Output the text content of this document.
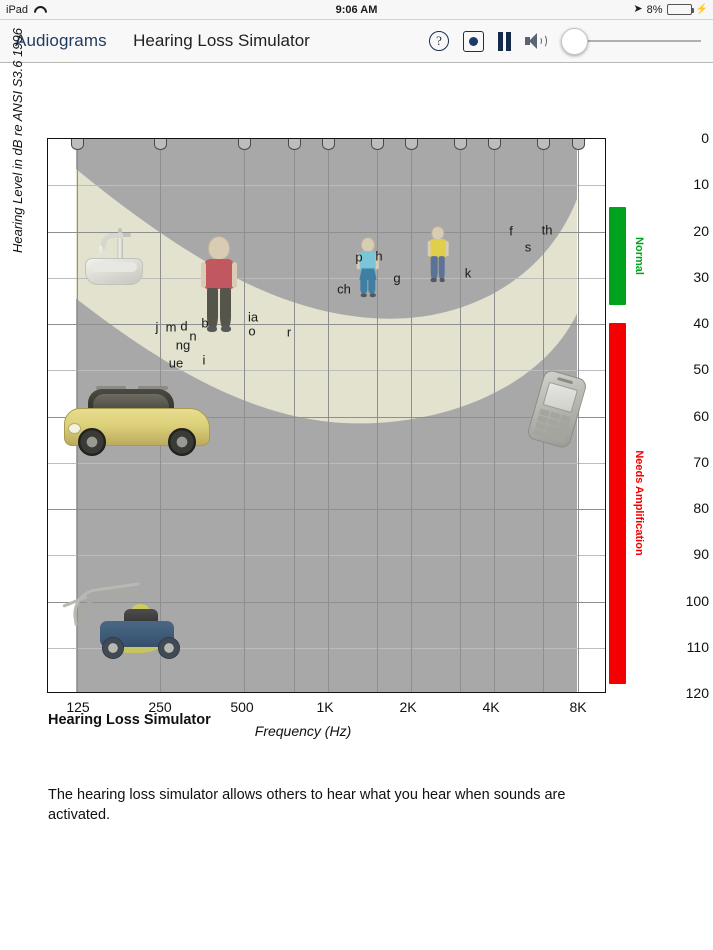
iPad	9:06 AM	➤ 8%	⚡
Audiograms	Hearing Loss Simulator	?
Hearing Level in dB re ANSI S3.6 1996	0
10
20
30
40
50
60
70
80
90
100
110
120
j m d
n
ng
ue
b
i
ia
o r
ch
p h
g	k
f th
s	Normal
Needs Amplification
125	250	500	1K	2K	4K	8K
Frequency (Hz)
Hearing Loss Simulator

The hearing loss simulator allows others to hear what you hear when sounds are activated.
